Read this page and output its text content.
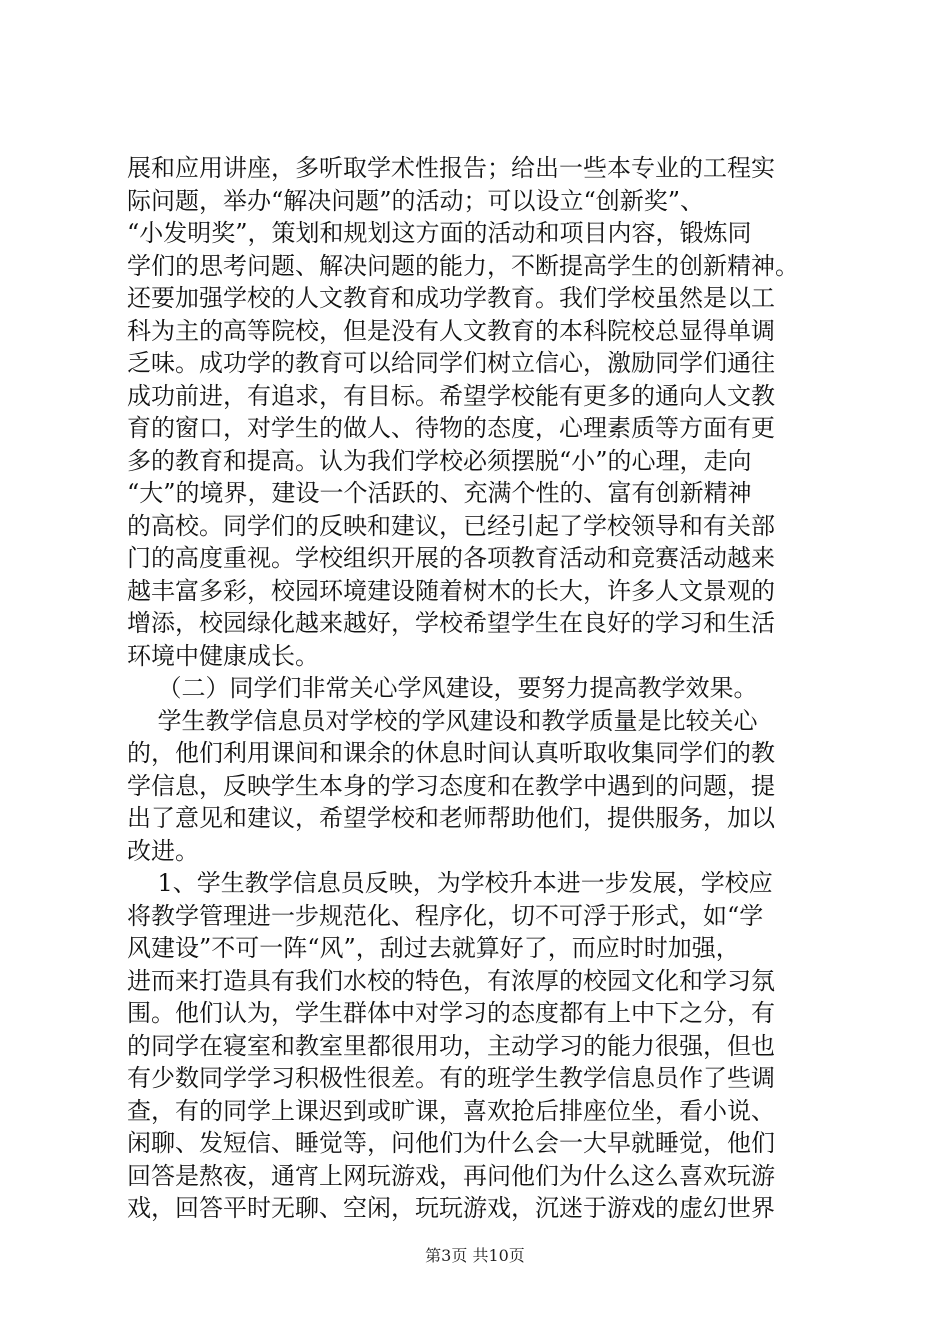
展和应用讲座，多听取学术性报告；给出一些本专业的工程实
际问题，举办“解决问题”的活动；可以设立“创新奖”、
“小发明奖”，策划和规划这方面的活动和项目内容，锻炼同
学们的思考问题、解决问题的能力，不断提高学生的创新精神。
还要加强学校的人文教育和成功学教育。我们学校虽然是以工
科为主的高等院校，但是没有人文教育的本科院校总显得单调
乏味。成功学的教育可以给同学们树立信心，激励同学们通往
成功前进，有追求，有目标。希望学校能有更多的通向人文教
育的窗口，对学生的做人、待物的态度，心理素质等方面有更
多的教育和提高。认为我们学校必须摆脱“小”的心理，走向
“大”的境界，建设一个活跃的、充满个性的、富有创新精神
的高校。同学们的反映和建议，已经引起了学校领导和有关部
门的高度重视。学校组织开展的各项教育活动和竞赛活动越来
越丰富多彩，校园环境建设随着树木的长大，许多人文景观的
增添，校园绿化越来越好，学校希望学生在良好的学习和生活
环境中健康成长。
（二）同学们非常关心学风建设，要努力提高教学效果。
学生教学信息员对学校的学风建设和教学质量是比较关心
的，他们利用课间和课余的休息时间认真听取收集同学们的教
学信息，反映学生本身的学习态度和在教学中遇到的问题，提
出了意见和建议，希望学校和老师帮助他们，提供服务，加以
改进。
1、学生教学信息员反映，为学校升本进一步发展，学校应
将教学管理进一步规范化、程序化，切不可浮于形式，如“学
风建设”不可一阵“风”，刮过去就算好了，而应时时加强，
进而来打造具有我们水校的特色，有浓厚的校园文化和学习氛
围。他们认为，学生群体中对学习的态度都有上中下之分，有
的同学在寝室和教室里都很用功，主动学习的能力很强，但也
有少数同学学习积极性很差。有的班学生教学信息员作了些调
查，有的同学上课迟到或旷课，喜欢抢后排座位坐，看小说、
闲聊、发短信、睡觉等，问他们为什么会一大早就睡觉，他们
回答是熬夜，通宵上网玩游戏，再问他们为什么这么喜欢玩游
戏，回答平时无聊、空闲，玩玩游戏，沉迷于游戏的虚幻世界
第3页 共10页
